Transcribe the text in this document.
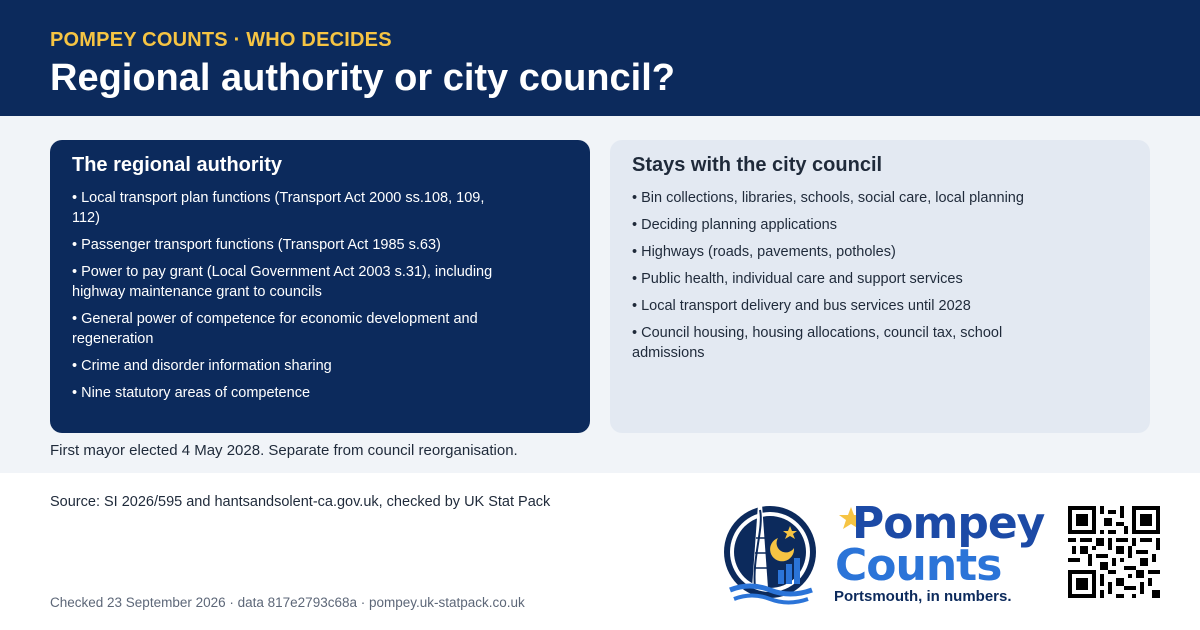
POMPEY COUNTS · WHO DECIDES
Regional authority or city council?
The regional authority
• Local transport plan functions (Transport Act 2000 ss.108, 109, 112)
• Passenger transport functions (Transport Act 1985 s.63)
• Power to pay grant (Local Government Act 2003 s.31), including highway maintenance grant to councils
• General power of competence for economic development and regeneration
• Crime and disorder information sharing
• Nine statutory areas of competence
Stays with the city council
• Bin collections, libraries, schools, social care, local planning
• Deciding planning applications
• Highways (roads, pavements, potholes)
• Public health, individual care and support services
• Local transport delivery and bus services until 2028
• Council housing, housing allocations, council tax, school admissions
First mayor elected 4 May 2028. Separate from council reorganisation.
Source: SI 2026/595 and hantsandsolent-ca.gov.uk, checked by UK Stat Pack
Checked 23 September 2026 · data 817e2793c68a · pompey.uk-statpack.co.uk
Pompey
Counts
Portsmouth, in numbers.
